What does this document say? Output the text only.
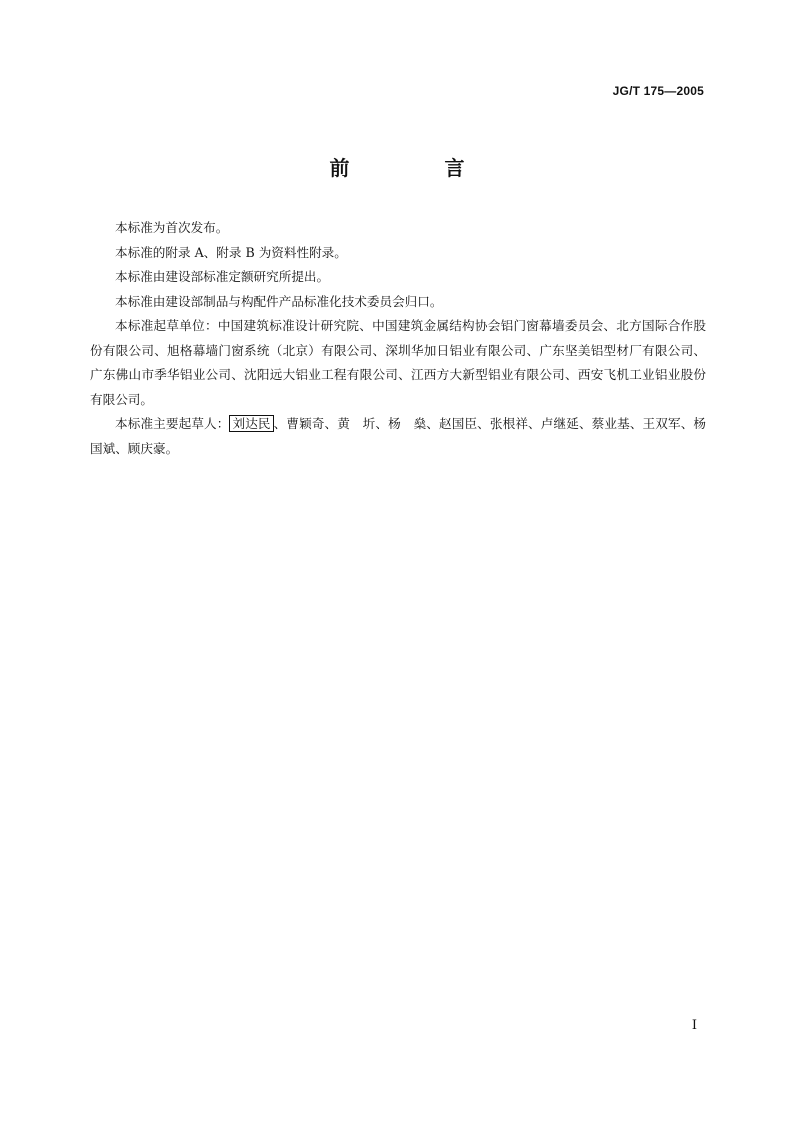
JG/T 175—2005
前 言

本标准为首次发布。

本标准的附录 A、附录 B 为资料性附录。

本标准由建设部标准定额研究所提出。

本标准由建设部制品与构配件产品标准化技术委员会归口。

本标准起草单位：中国建筑标准设计研究院、中国建筑金属结构协会铝门窗幕墙委员会、北方国际合作股份有限公司、旭格幕墙门窗系统（北京）有限公司、深圳华加日铝业有限公司、广东坚美铝型材厂有限公司、广东佛山市季华铝业公司、沈阳远大铝业工程有限公司、江西方大新型铝业有限公司、西安飞机工业铝业股份有限公司。

本标准主要起草人： 刘达民 、曹颖奇、黄　圻、杨　燊、赵国臣、张根祥、卢继延、蔡业基、王双军、杨国斌、顾庆豪。

I
